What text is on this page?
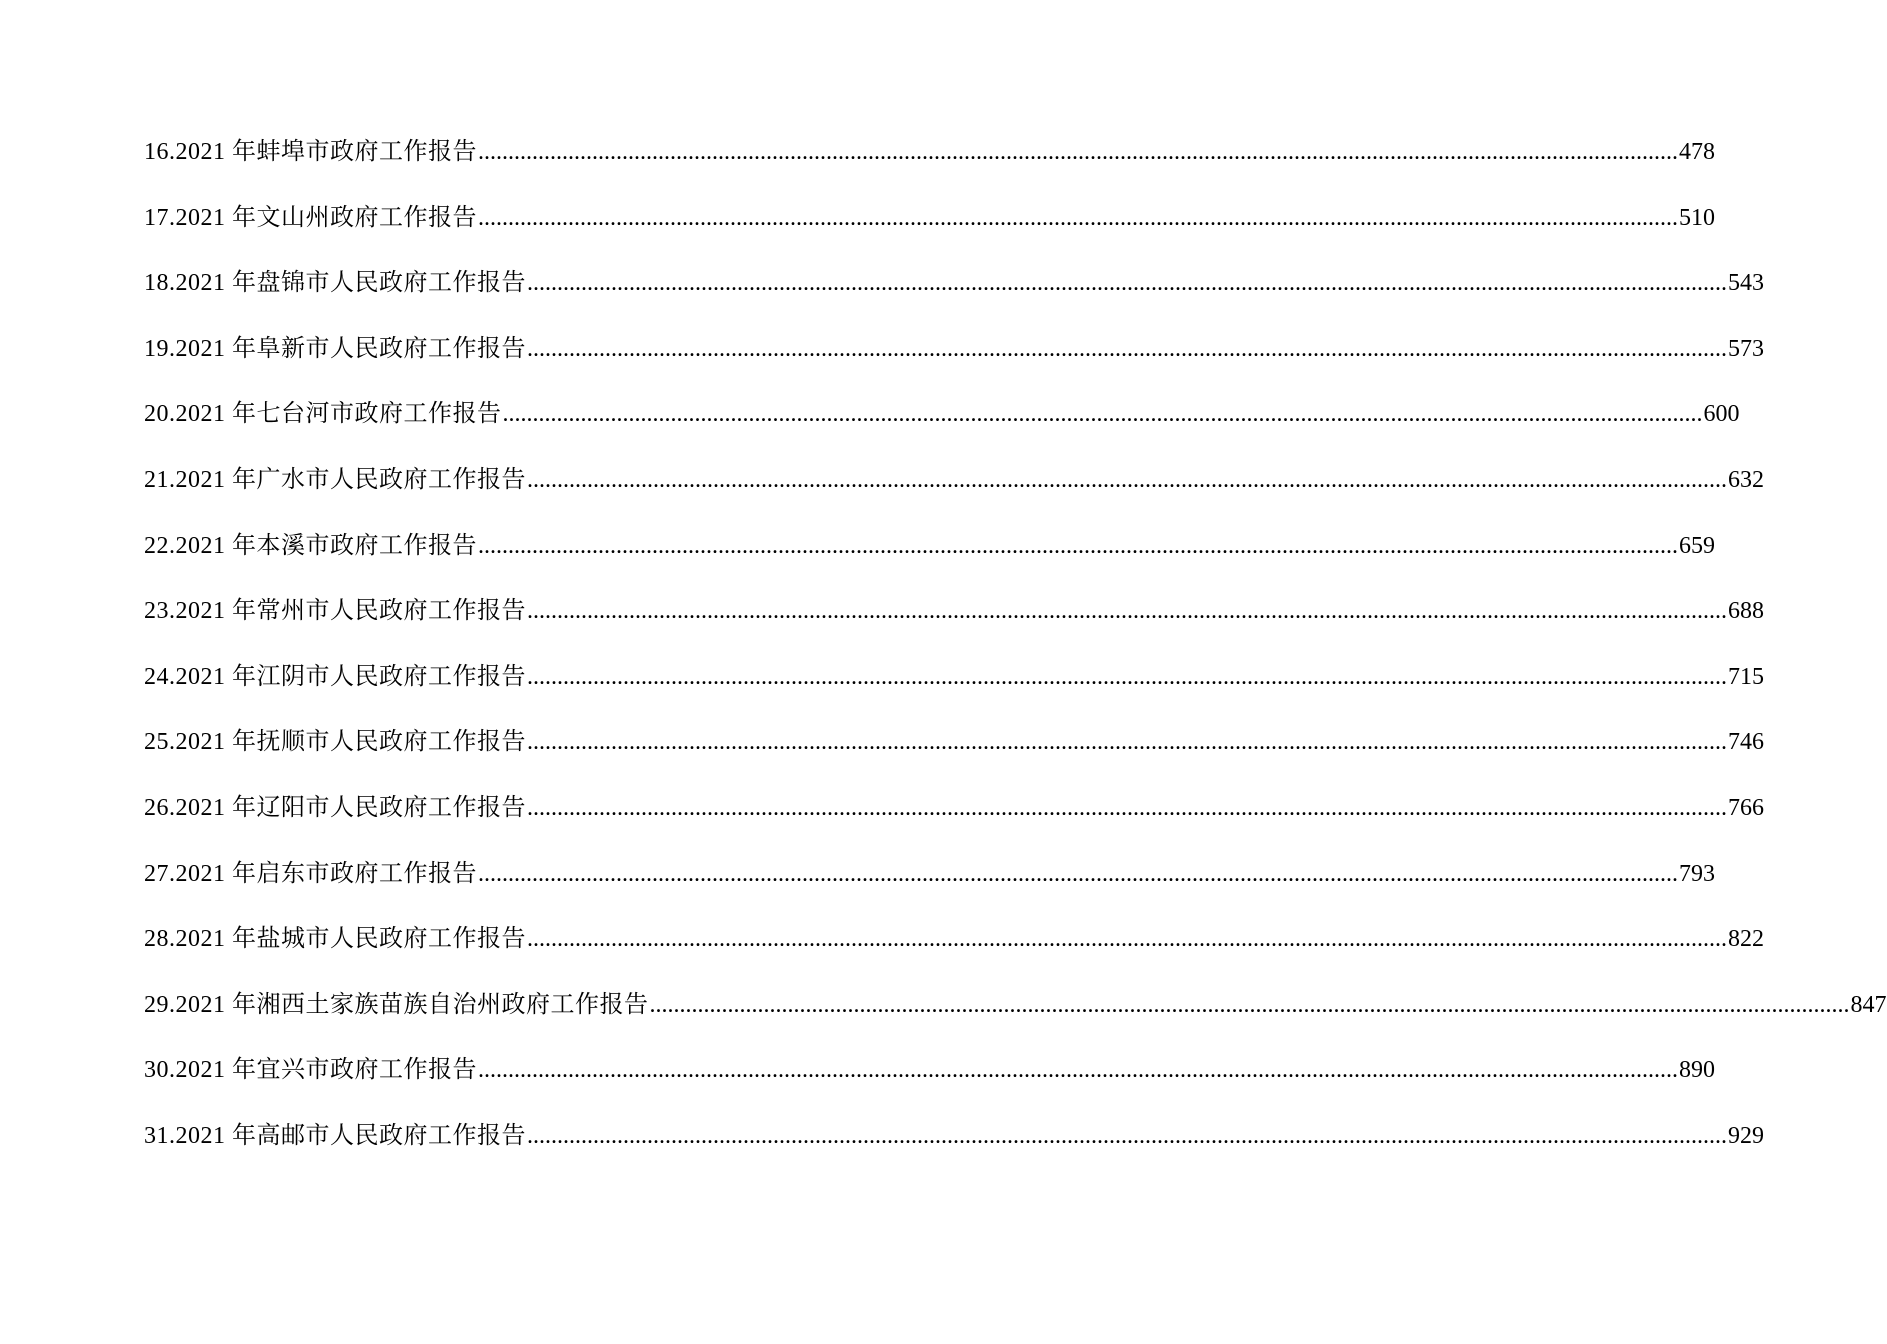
16.2021 年蚌埠市政府工作报告 ........................................................................................................................................................................................................ 478
17.2021 年文山州政府工作报告 ........................................................................................................................................................................................................ 510
18.2021 年盘锦市人民政府工作报告 ........................................................................................................................................................................................................ 543
19.2021 年阜新市人民政府工作报告 ........................................................................................................................................................................................................ 573
20.2021 年七台河市政府工作报告 ........................................................................................................................................................................................................ 600
21.2021 年广水市人民政府工作报告 ........................................................................................................................................................................................................ 632
22.2021 年本溪市政府工作报告 ........................................................................................................................................................................................................ 659
23.2021 年常州市人民政府工作报告 ........................................................................................................................................................................................................ 688
24.2021 年江阴市人民政府工作报告 ........................................................................................................................................................................................................ 715
25.2021 年抚顺市人民政府工作报告 ........................................................................................................................................................................................................ 746
26.2021 年辽阳市人民政府工作报告 ........................................................................................................................................................................................................ 766
27.2021 年启东市政府工作报告 ........................................................................................................................................................................................................ 793
28.2021 年盐城市人民政府工作报告 ........................................................................................................................................................................................................ 822
29.2021 年湘西土家族苗族自治州政府工作报告 ........................................................................................................................................................................................................ 847
30.2021 年宜兴市政府工作报告 ........................................................................................................................................................................................................ 890
31.2021 年高邮市人民政府工作报告 ........................................................................................................................................................................................................ 929
